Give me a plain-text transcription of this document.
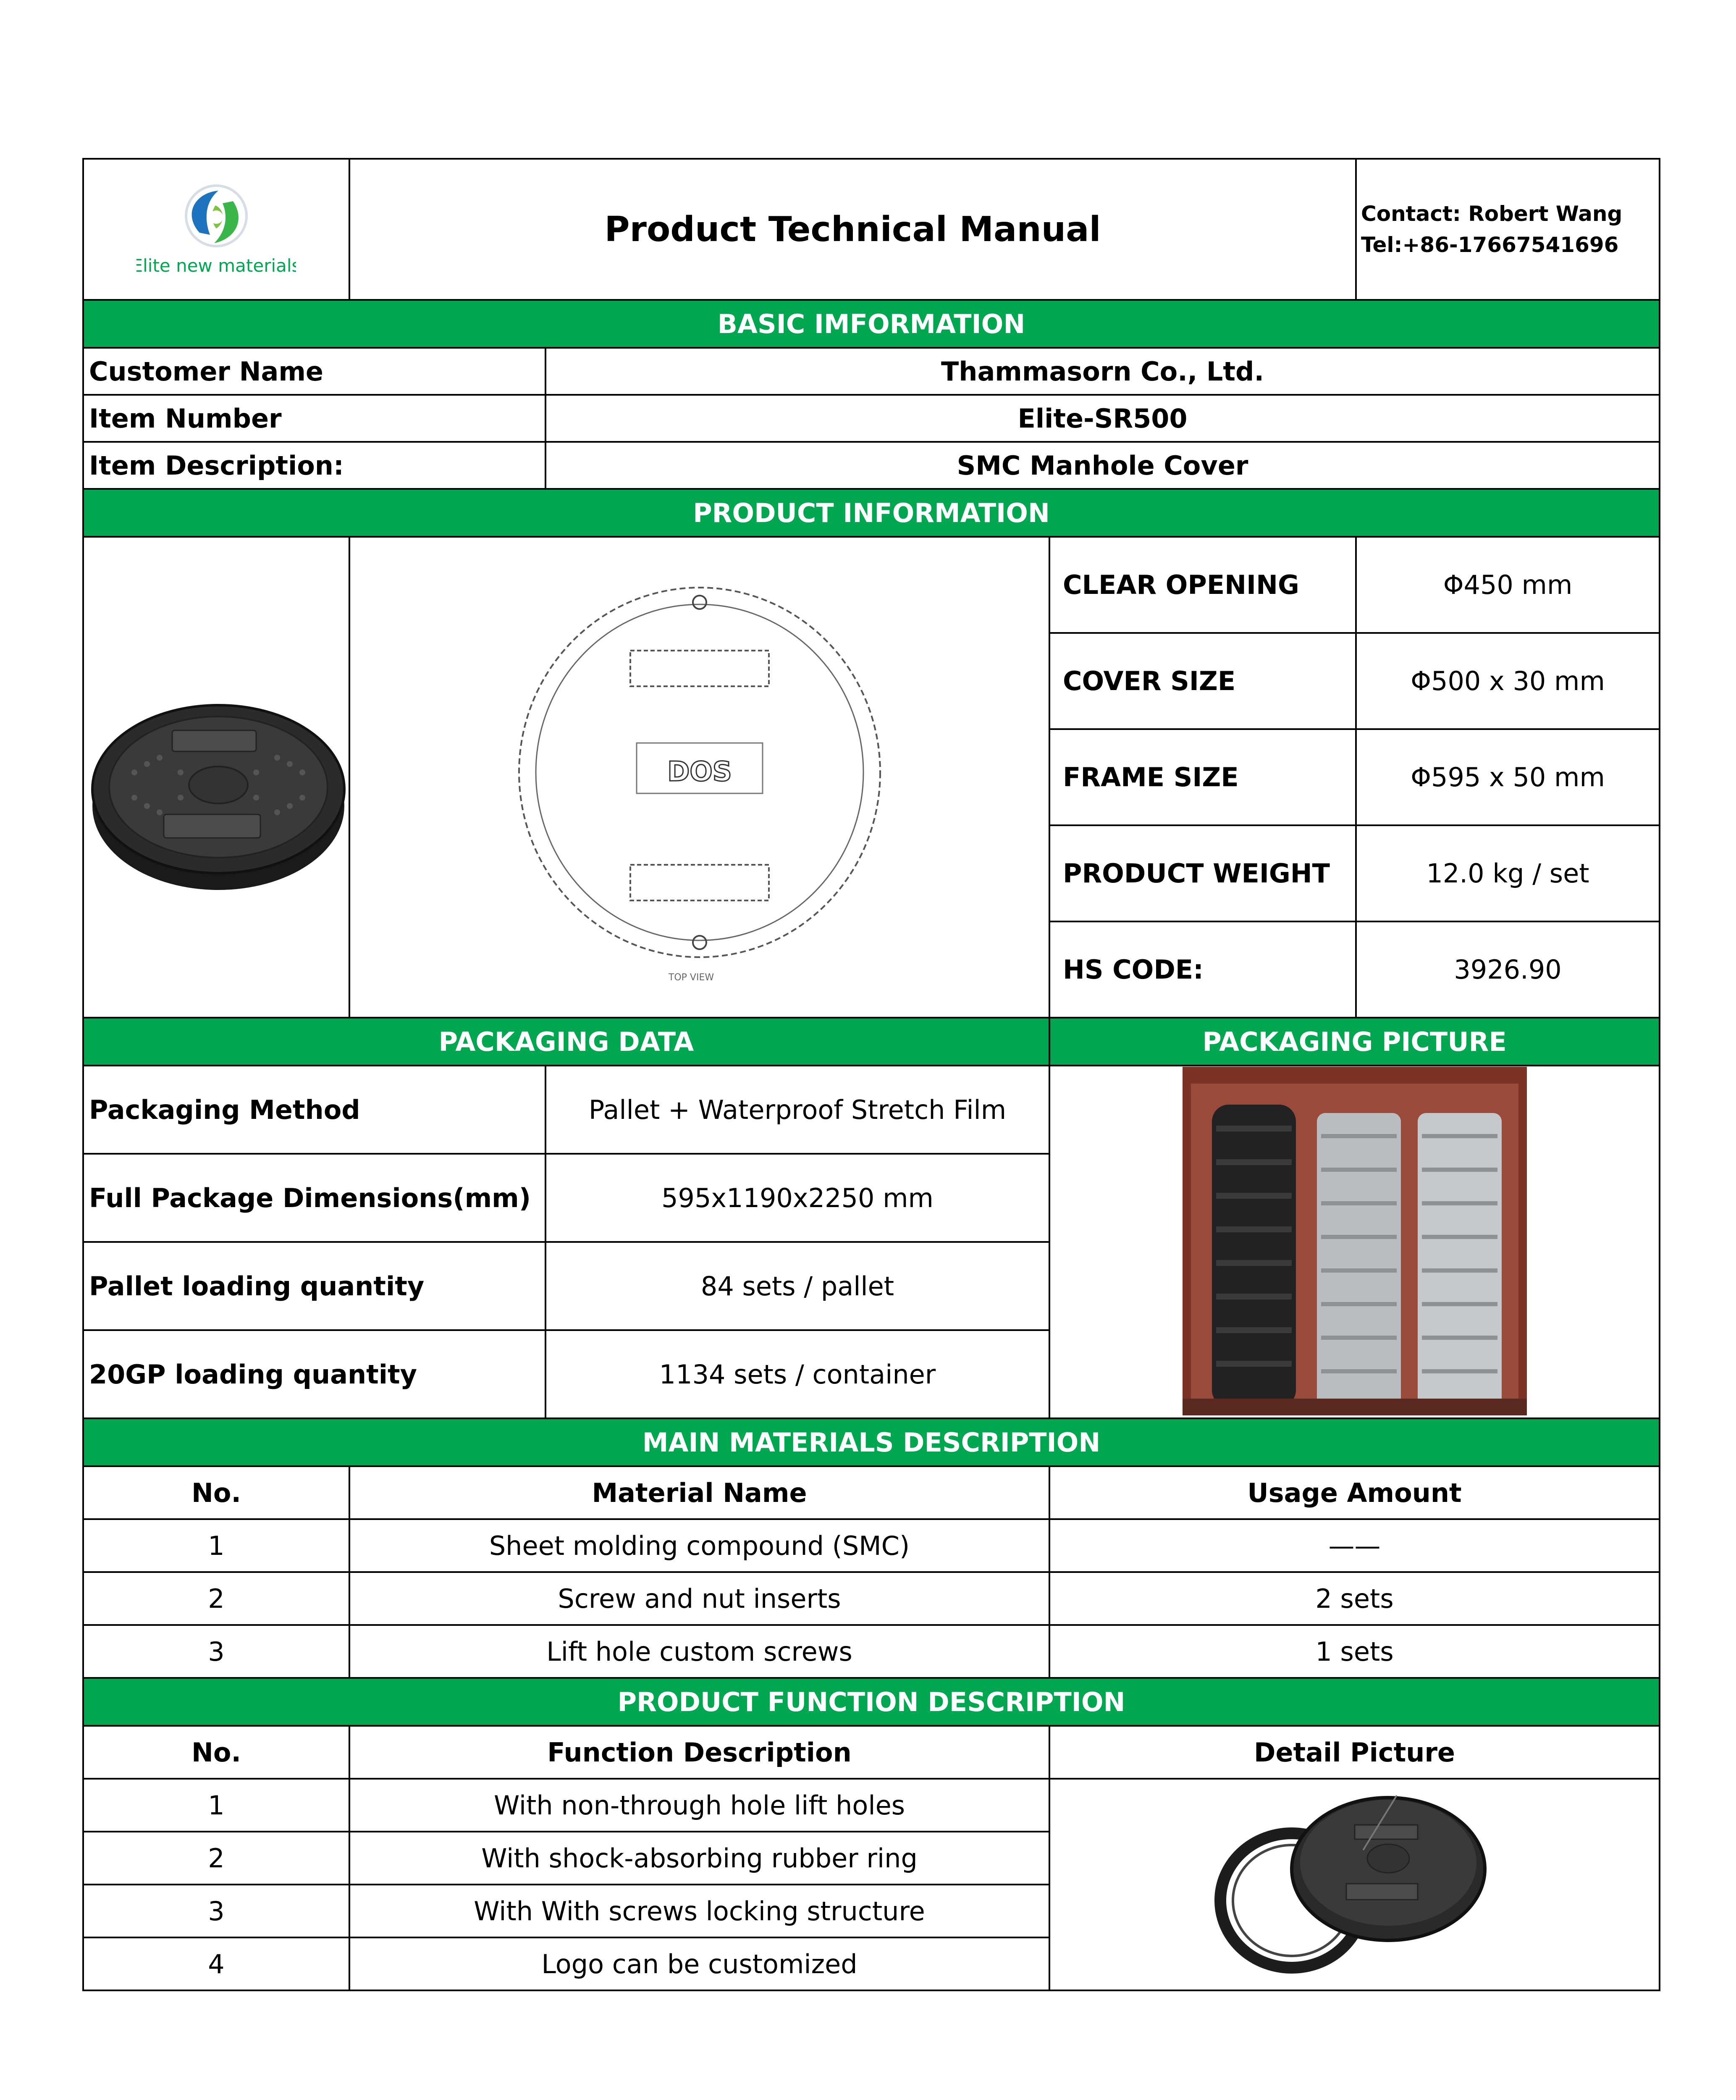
Elite new materials	Product Technical Manual			Contact: Robert Wang
Tel:+86-17667541696

BASIC IMFORMATION				
Customer Name		Thammasorn Co., Ltd.		
Item Number		Elite-SR500		
Item Description:		SMC Manhole Cover		
PRODUCT INFORMATION				

DOS
TOP VIEW		CLEAR OPENING	Φ450 mm
			COVER SIZE	Φ500 x 30 mm
			FRAME SIZE	Φ595 x 50 mm
			PRODUCT WEIGHT	12.0 kg / set
			HS CODE:	3926.90
PACKAGING DATA			PACKAGING PICTURE	
Packaging Method		Pallet + Waterproof Stretch Film	
Full Package Dimensions(mm)		595x1190x2250 mm		
Pallet loading quantity		84 sets / pallet		
20GP loading quantity		1134 sets / container		
MAIN MATERIALS DESCRIPTION				
No.	Material Name		Usage Amount	
1	Sheet molding compound (SMC)		——	
2	Screw and nut inserts		2 sets	
3	Lift hole custom screws		1 sets	
PRODUCT FUNCTION DESCRIPTION				
No.	Function Description		Detail Picture	
1	With non-through hole lift holes	
2	With shock-absorbing rubber ring			
3	With With screws locking structure			
4	Logo can be customized			
